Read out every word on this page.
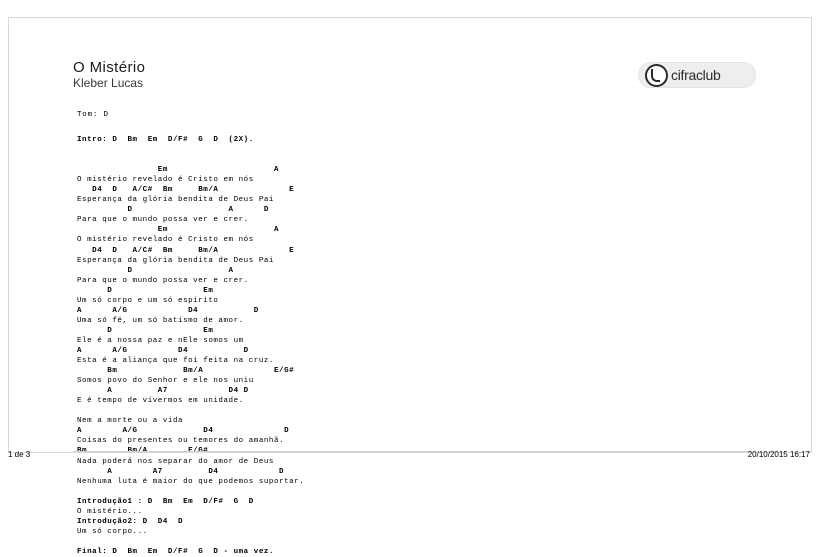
O Mistério
Kleber Lucas	cifraclub
Tom: D
Intro: D  Bm  Em  D/F#  G  D  (2X).

Em                     A
O mistério revelado é Cristo em nós
D4  D   A/C#  Bm     Bm/A              E
Esperança da glória bendita de Deus Pai
D                   A      D
Para que o mundo possa ver e crer.
Em                     A
O mistério revelado é Cristo em nós
D4  D   A/C#  Bm     Bm/A              E
Esperança da glória bendita de Deus Pai
D                   A
Para que o mundo possa ver e crer.
D                  Em
Um só corpo e um só espírito
A      A/G            D4           D
Uma só fé, um só batismo de amor.
D                  Em
Ele é a nossa paz e nEle somos um
A      A/G          D4           D
Esta é a aliança que foi feita na cruz.
Bm             Bm/A              E/G#
Somos povo do Senhor e ele nos uniu
A         A7            D4 D
E é tempo de vivermos em unidade.

Nem a morte ou a vida
A        A/G             D4              D
Coisas do presentes ou temores do amanhã.
Nada poderá nos separar do amor de Deus
A        A7         D4            D
Nenhuma luta é maior do que podemos suportar.

Introdução1 : D  Bm  Em  D/F#  G  D
O mistério...
Introdução2: D  D4  D
Um só corpo...

Final: D  Bm  Em  D/F#  G  D - uma vez.
1 de 3	20/10/2015 16:17
